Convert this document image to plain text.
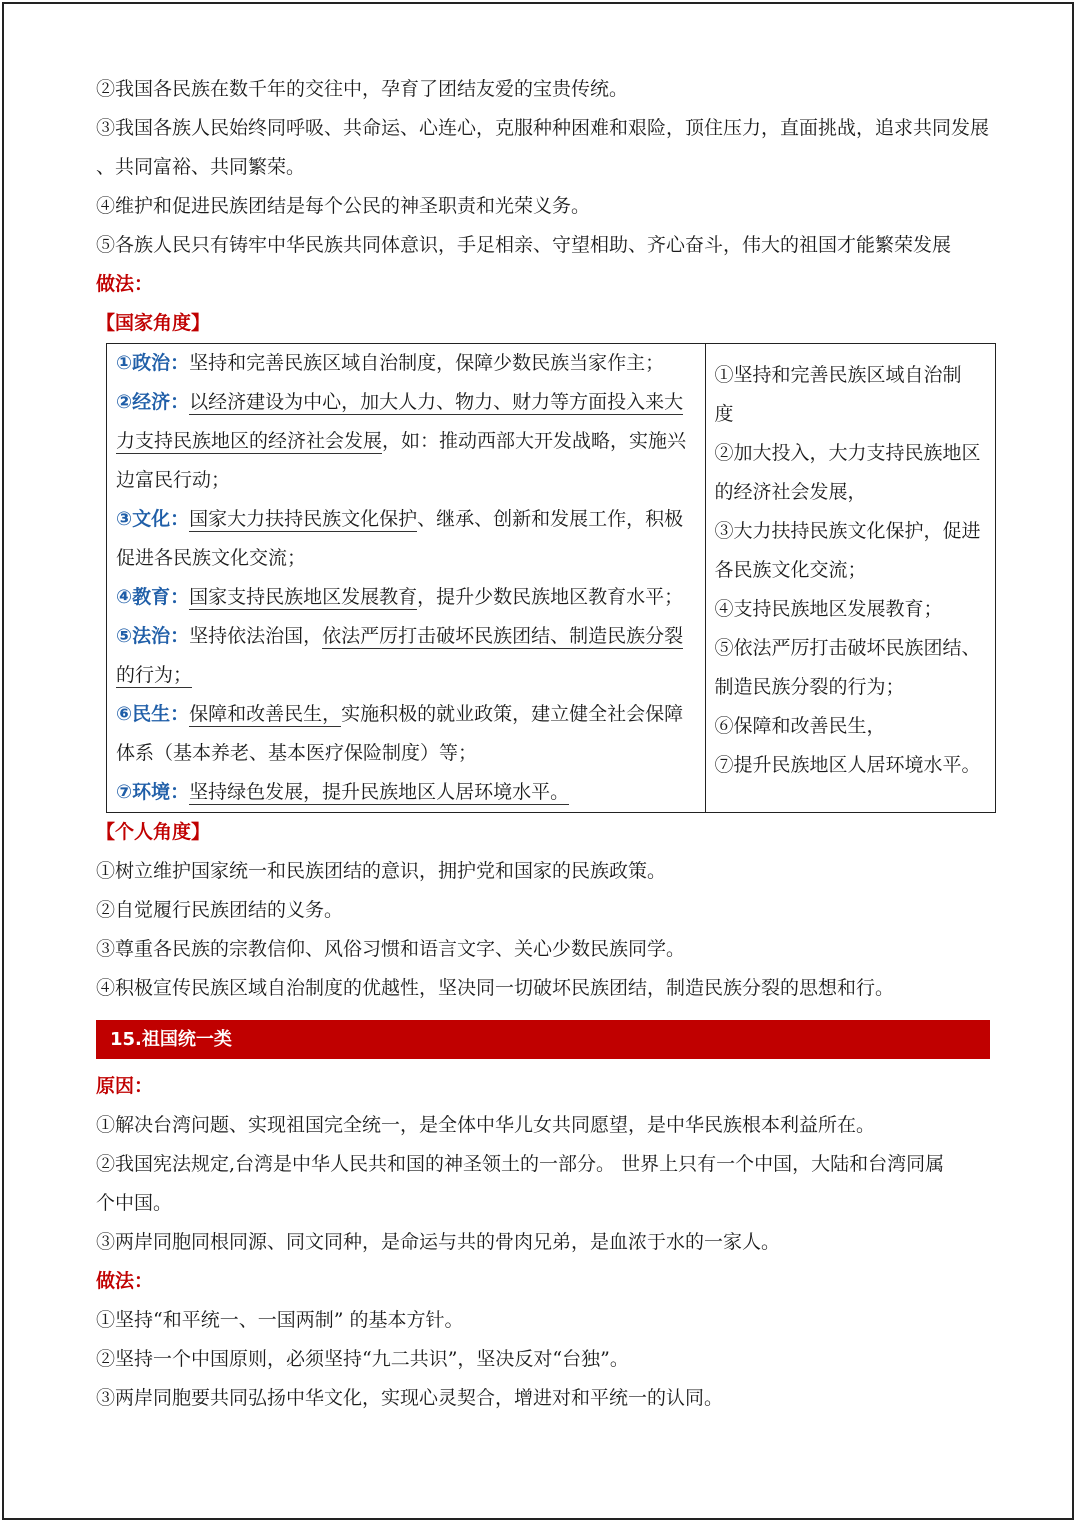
②我国各民族在数千年的交往中，孕育了团结友爱的宝贵传统。
③我国各族人民始终同呼吸、共命运、心连心，克服种种困难和艰险，顶住压力，直面挑战，追求共同发展
、共同富裕、共同繁荣。
④维护和促进民族团结是每个公民的神圣职责和光荣义务。
⑤各族人民只有铸牢中华民族共同体意识，手足相亲、守望相助、齐心奋斗，伟大的祖国才能繁荣发展
做法：
【国家角度】
①政治：坚持和完善民族区域自治制度，保障少数民族当家作主；
②经济：以经济建设为中心，加大人力、物力、财力等方面投入来大
力支持民族地区的经济社会发展，如：推动西部大开发战略，实施兴
边富民行动；
③文化：国家大力扶持民族文化保护、继承、创新和发展工作，积极
促进各民族文化交流；
④教育：国家支持民族地区发展教育，提升少数民族地区教育水平；
⑤法治：坚持依法治国，依法严厉打击破坏民族团结、制造民族分裂
的行为；
⑥民生：保障和改善民生，实施积极的就业政策，建立健全社会保障
体系（基本养老、基本医疗保险制度）等；
⑦环境：坚持绿色发展，提升民族地区人居环境水平。

①坚持和完善民族区域自治制
度
②加大投入，大力支持民族地区
的经济社会发展，
③大力扶持民族文化保护，促进
各民族文化交流；
④支持民族地区发展教育；
⑤依法严厉打击破坏民族团结、
制造民族分裂的行为；
⑥保障和改善民生，
⑦提升民族地区人居环境水平。
【个人角度】
①树立维护国家统一和民族团结的意识，拥护党和国家的民族政策。
②自觉履行民族团结的义务。
③尊重各民族的宗教信仰、风俗习惯和语言文字、关心少数民族同学。
④积极宣传民族区域自治制度的优越性，坚决同一切破坏民族团结，制造民族分裂的思想和行。
15.祖国统一类
原因：
①解决台湾问题、实现祖国完全统一，是全体中华儿女共同愿望，是中华民族根本利益所在。
②我国宪法规定,台湾是中华人民共和国的神圣领土的一部分。 世界上只有一个中国，大陆和台湾同属
个中国。
③两岸同胞同根同源、同文同种，是命运与共的骨肉兄弟，是血浓于水的一家人。
做法：
①坚持“和平统一、一国两制” 的基本方针。
②坚持一个中国原则，必须坚持“九二共识”，坚决反对“台独”。
③两岸同胞要共同弘扬中华文化，实现心灵契合，增进对和平统一的认同。
